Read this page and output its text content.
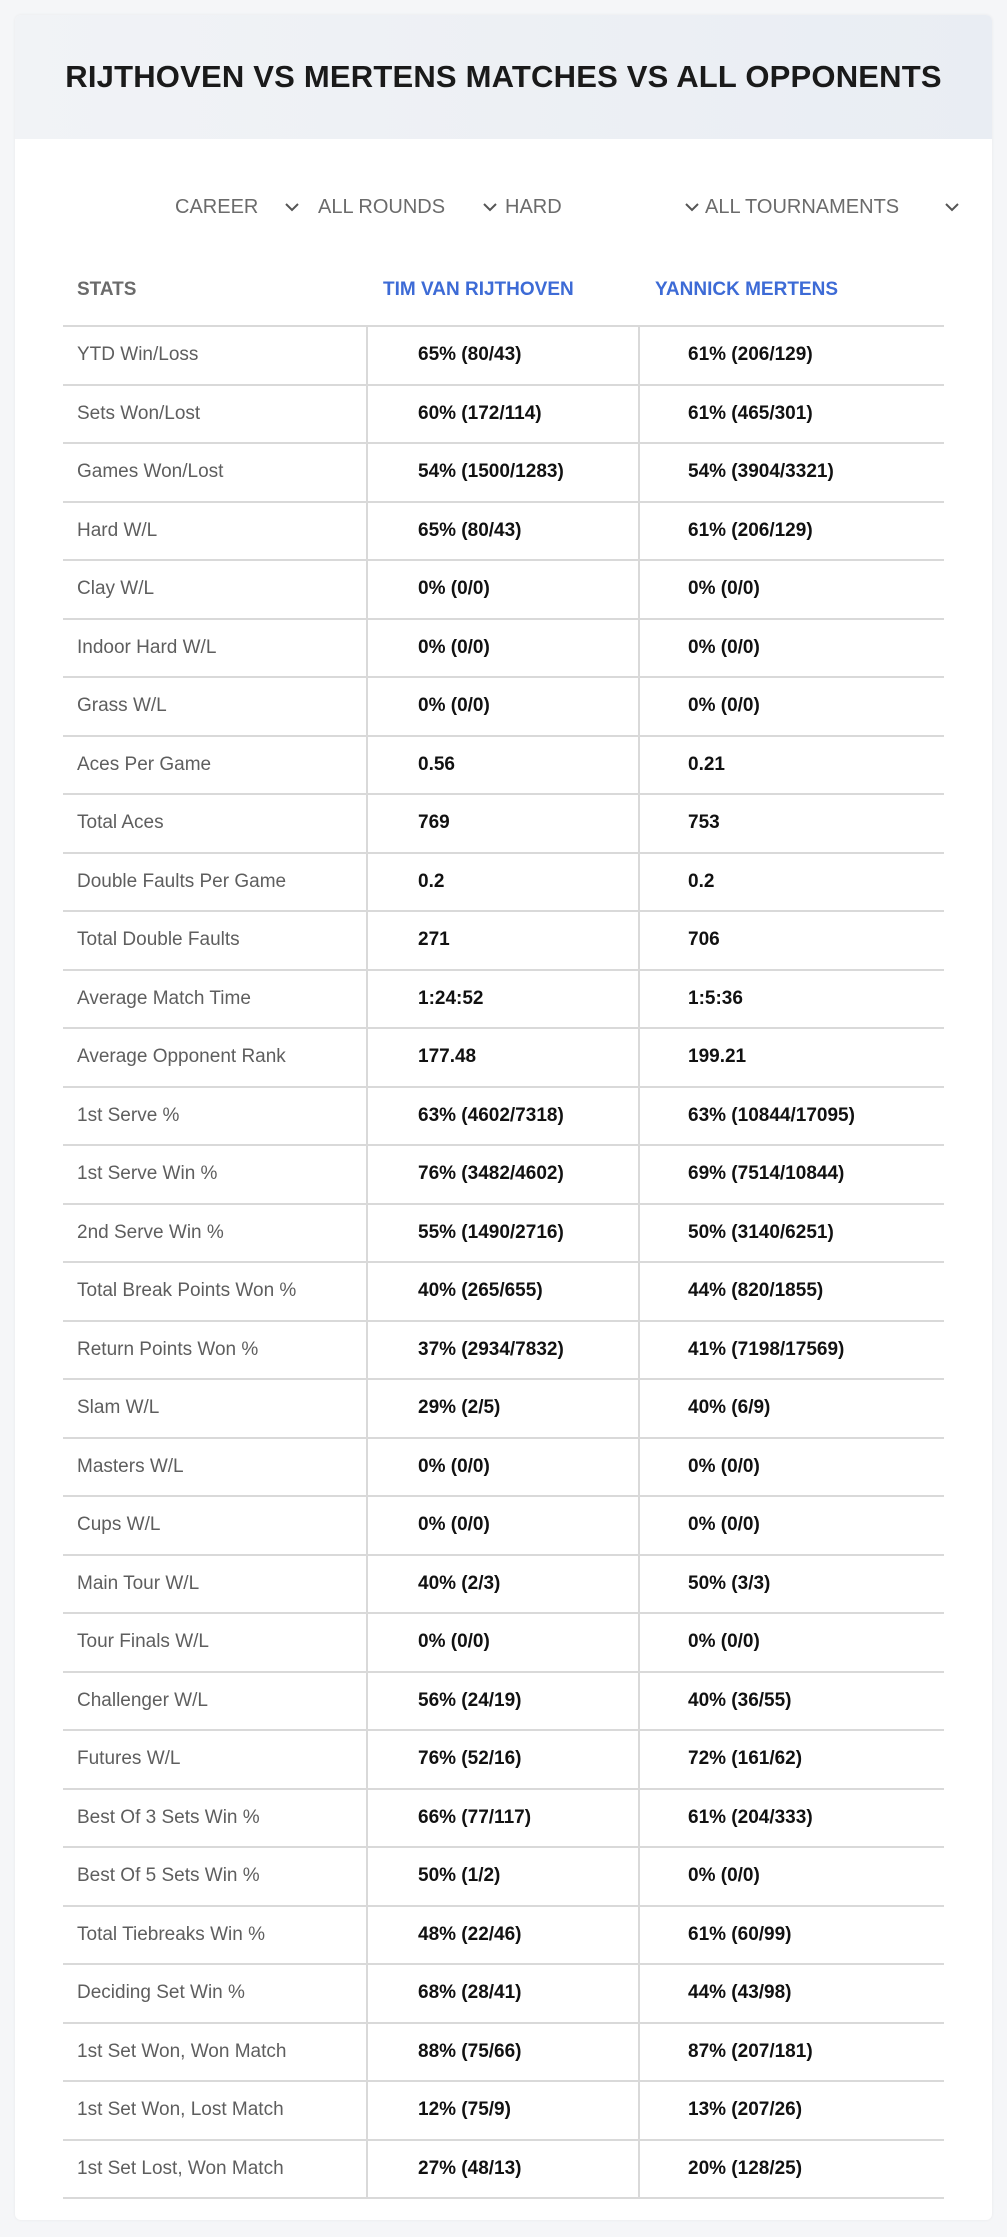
RIJTHOVEN VS MERTENS MATCHES VS ALL OPPONENTS
CAREER	ALL ROUNDS	HARD	ALL TOURNAMENTS
STATS	TIM VAN RIJTHOVEN	YANNICK MERTENS
YTD Win/Loss	65% (80/43)	61% (206/129)
Sets Won/Lost	60% (172/114)	61% (465/301)
Games Won/Lost	54% (1500/1283)	54% (3904/3321)
Hard W/L	65% (80/43)	61% (206/129)
Clay W/L	0% (0/0)	0% (0/0)
Indoor Hard W/L	0% (0/0)	0% (0/0)
Grass W/L	0% (0/0)	0% (0/0)
Aces Per Game	0.56	0.21
Total Aces	769	753
Double Faults Per Game	0.2	0.2
Total Double Faults	271	706
Average Match Time	1:24:52	1:5:36
Average Opponent Rank	177.48	199.21
1st Serve %	63% (4602/7318)	63% (10844/17095)
1st Serve Win %	76% (3482/4602)	69% (7514/10844)
2nd Serve Win %	55% (1490/2716)	50% (3140/6251)
Total Break Points Won %	40% (265/655)	44% (820/1855)
Return Points Won %	37% (2934/7832)	41% (7198/17569)
Slam W/L	29% (2/5)	40% (6/9)
Masters W/L	0% (0/0)	0% (0/0)
Cups W/L	0% (0/0)	0% (0/0)
Main Tour W/L	40% (2/3)	50% (3/3)
Tour Finals W/L	0% (0/0)	0% (0/0)
Challenger W/L	56% (24/19)	40% (36/55)
Futures W/L	76% (52/16)	72% (161/62)
Best Of 3 Sets Win %	66% (77/117)	61% (204/333)
Best Of 5 Sets Win %	50% (1/2)	0% (0/0)
Total Tiebreaks Win %	48% (22/46)	61% (60/99)
Deciding Set Win %	68% (28/41)	44% (43/98)
1st Set Won, Won Match	88% (75/66)	87% (207/181)
1st Set Won, Lost Match	12% (75/9)	13% (207/26)
1st Set Lost, Won Match	27% (48/13)	20% (128/25)
